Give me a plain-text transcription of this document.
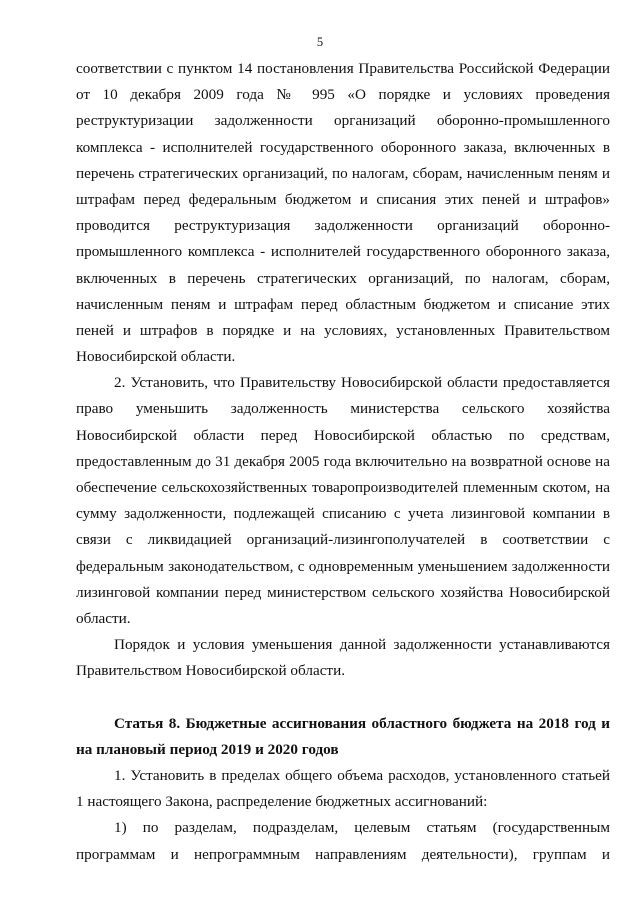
5
соответствии с пунктом 14 постановления Правительства Российской Федерации
от 10 декабря 2009 года № 995 «О порядке и условиях проведения
реструктуризации задолженности организаций оборонно-промышленного
комплекса - исполнителей государственного оборонного заказа, включенных в
перечень стратегических организаций, по налогам, сборам, начисленным пеням и
штрафам перед федеральным бюджетом и списания этих пеней и штрафов»
проводится реструктуризация задолженности организаций оборонно-
промышленного комплекса - исполнителей государственного оборонного заказа,
включенных в перечень стратегических организаций, по налогам, сборам,
начисленным пеням и штрафам перед областным бюджетом и списание этих
пеней и штрафов в порядке и на условиях, установленных Правительством
Новосибирской области.
2. Установить, что Правительству Новосибирской области предоставляется
право уменьшить задолженность министерства сельского хозяйства
Новосибирской области перед Новосибирской областью по средствам,
предоставленным до 31 декабря 2005 года включительно на возвратной основе на
обеспечение сельскохозяйственных товаропроизводителей племенным скотом, на
сумму задолженности, подлежащей списанию с учета лизинговой компании в
связи с ликвидацией организаций-лизингополучателей в соответствии с
федеральным законодательством, с одновременным уменьшением задолженности
лизинговой компании перед министерством сельского хозяйства Новосибирской
области.
Порядок и условия уменьшения данной задолженности устанавливаются
Правительством Новосибирской области.
Статья 8. Бюджетные ассигнования областного бюджета на 2018 год и
на плановый период 2019 и 2020 годов
1. Установить в пределах общего объема расходов, установленного статьей
1 настоящего Закона, распределение бюджетных ассигнований:
1) по разделам, подразделам, целевым статьям (государственным
программам и непрограммным направлениям деятельности), группам и
